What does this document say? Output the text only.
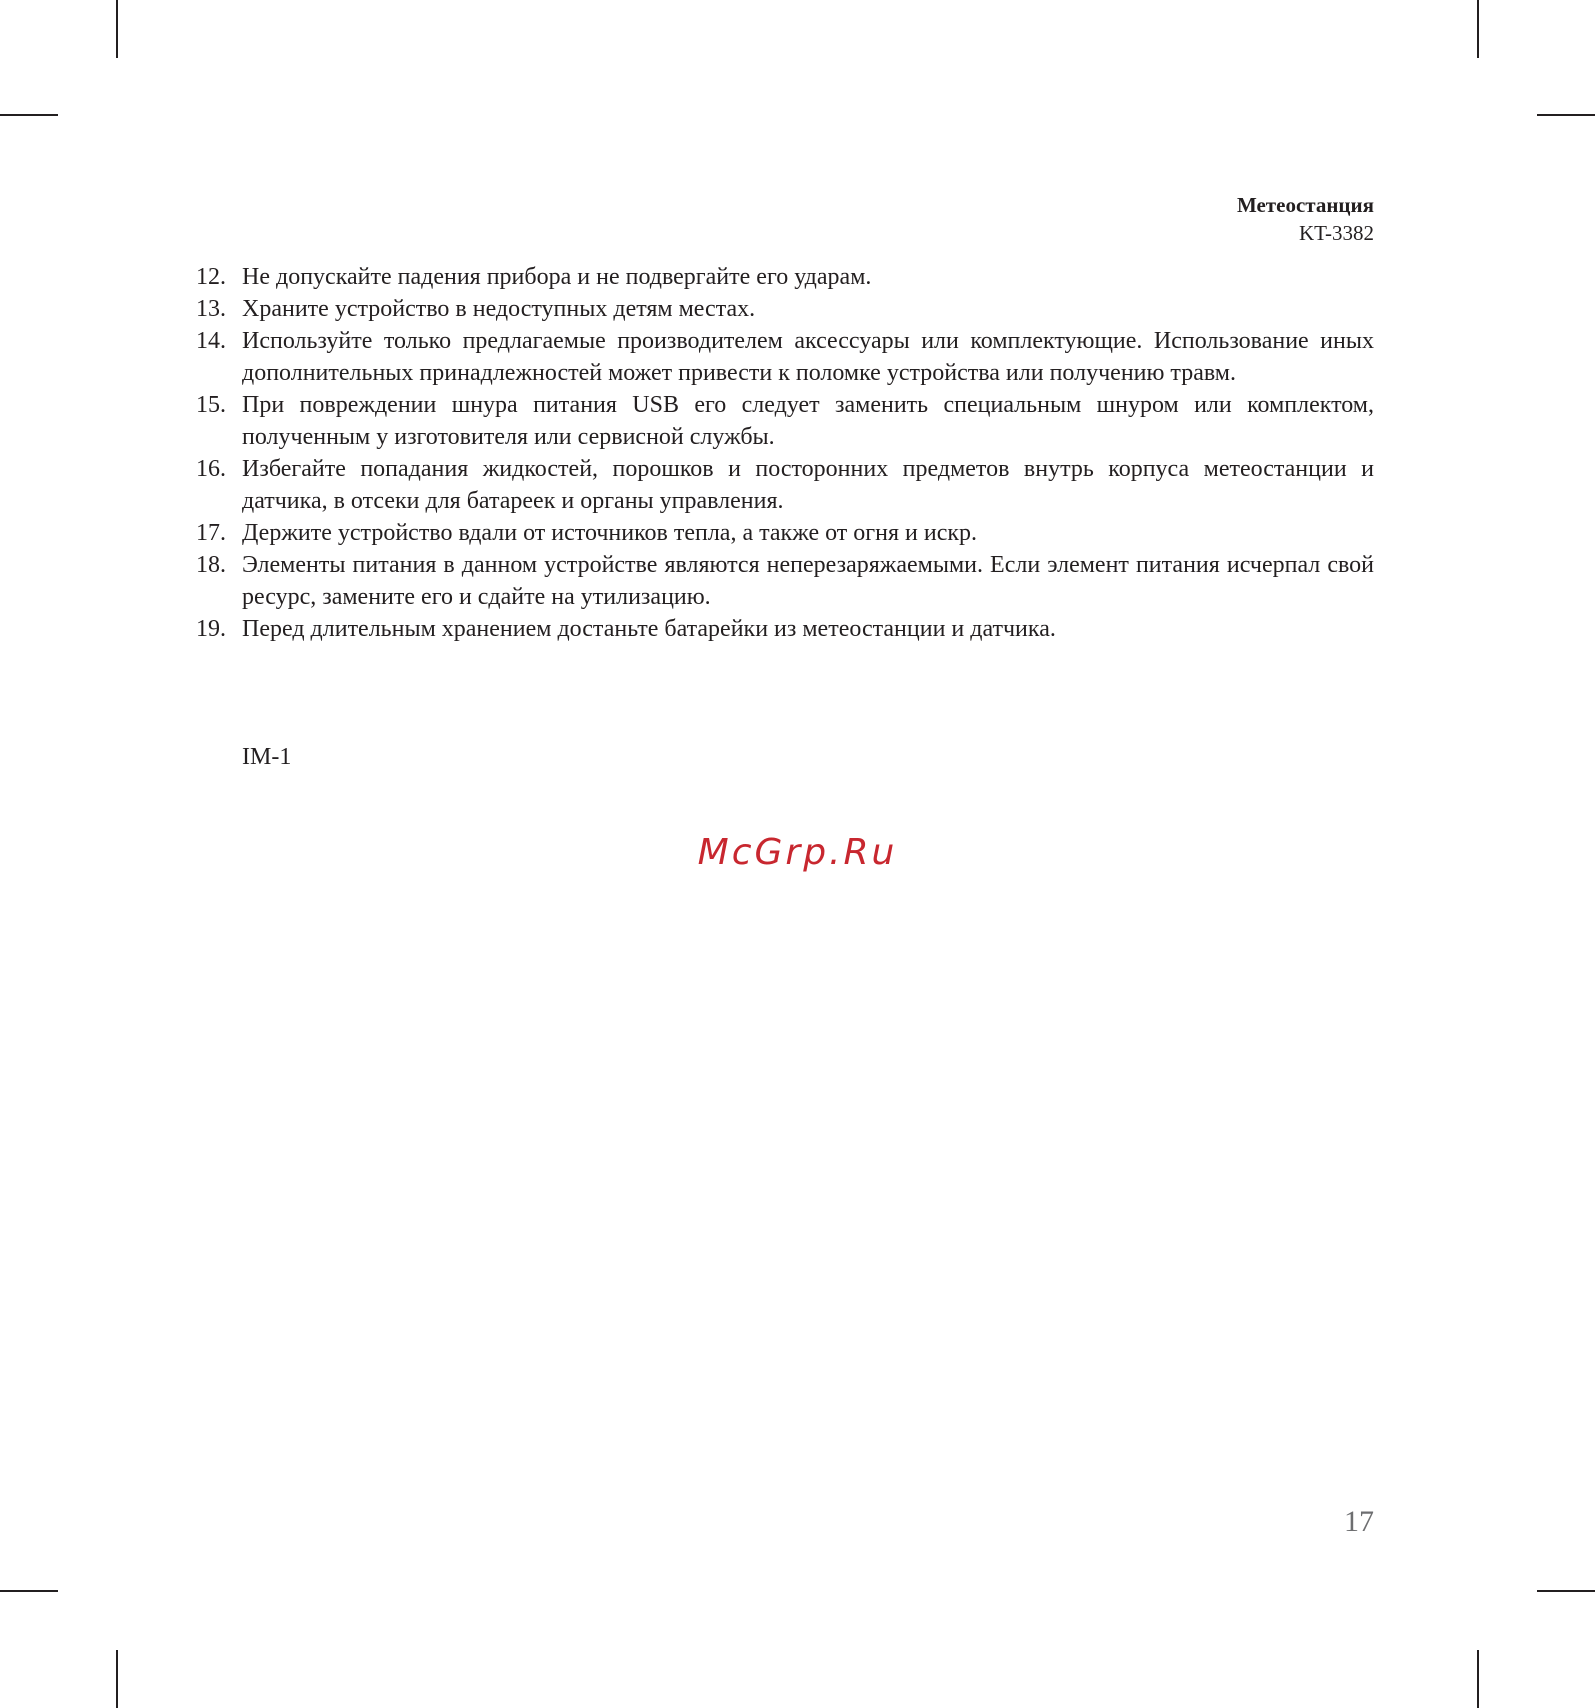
Метеостанция
KT-3382
12. Не допускайте падения прибора и не подвергайте его ударам.
13. Храните устройство в недоступных детям местах.
14. Используйте только предлагаемые производителем аксессуары или комплектующие. Использование иных дополнительных принадлежностей может привести к поломке устройства или получению травм.
15. При повреждении шнура питания USB его следует заменить специальным шнуром или комплектом, полученным у изготовителя или сервисной службы.
16. Избегайте попадания жидкостей, порошков и посторонних предметов внутрь корпуса метеостанции и датчика, в отсеки для батареек и органы управления.
17. Держите устройство вдали от источников тепла, а также от огня и искр.
18. Элементы питания в данном устройстве являются неперезаряжаемыми. Если элемент питания исчерпал свой ресурс, замените его и сдайте на утилизацию.
19. Перед длительным хранением достаньте батарейки из метеостанции и датчика.
IM-1
McGrp.Ru
17
